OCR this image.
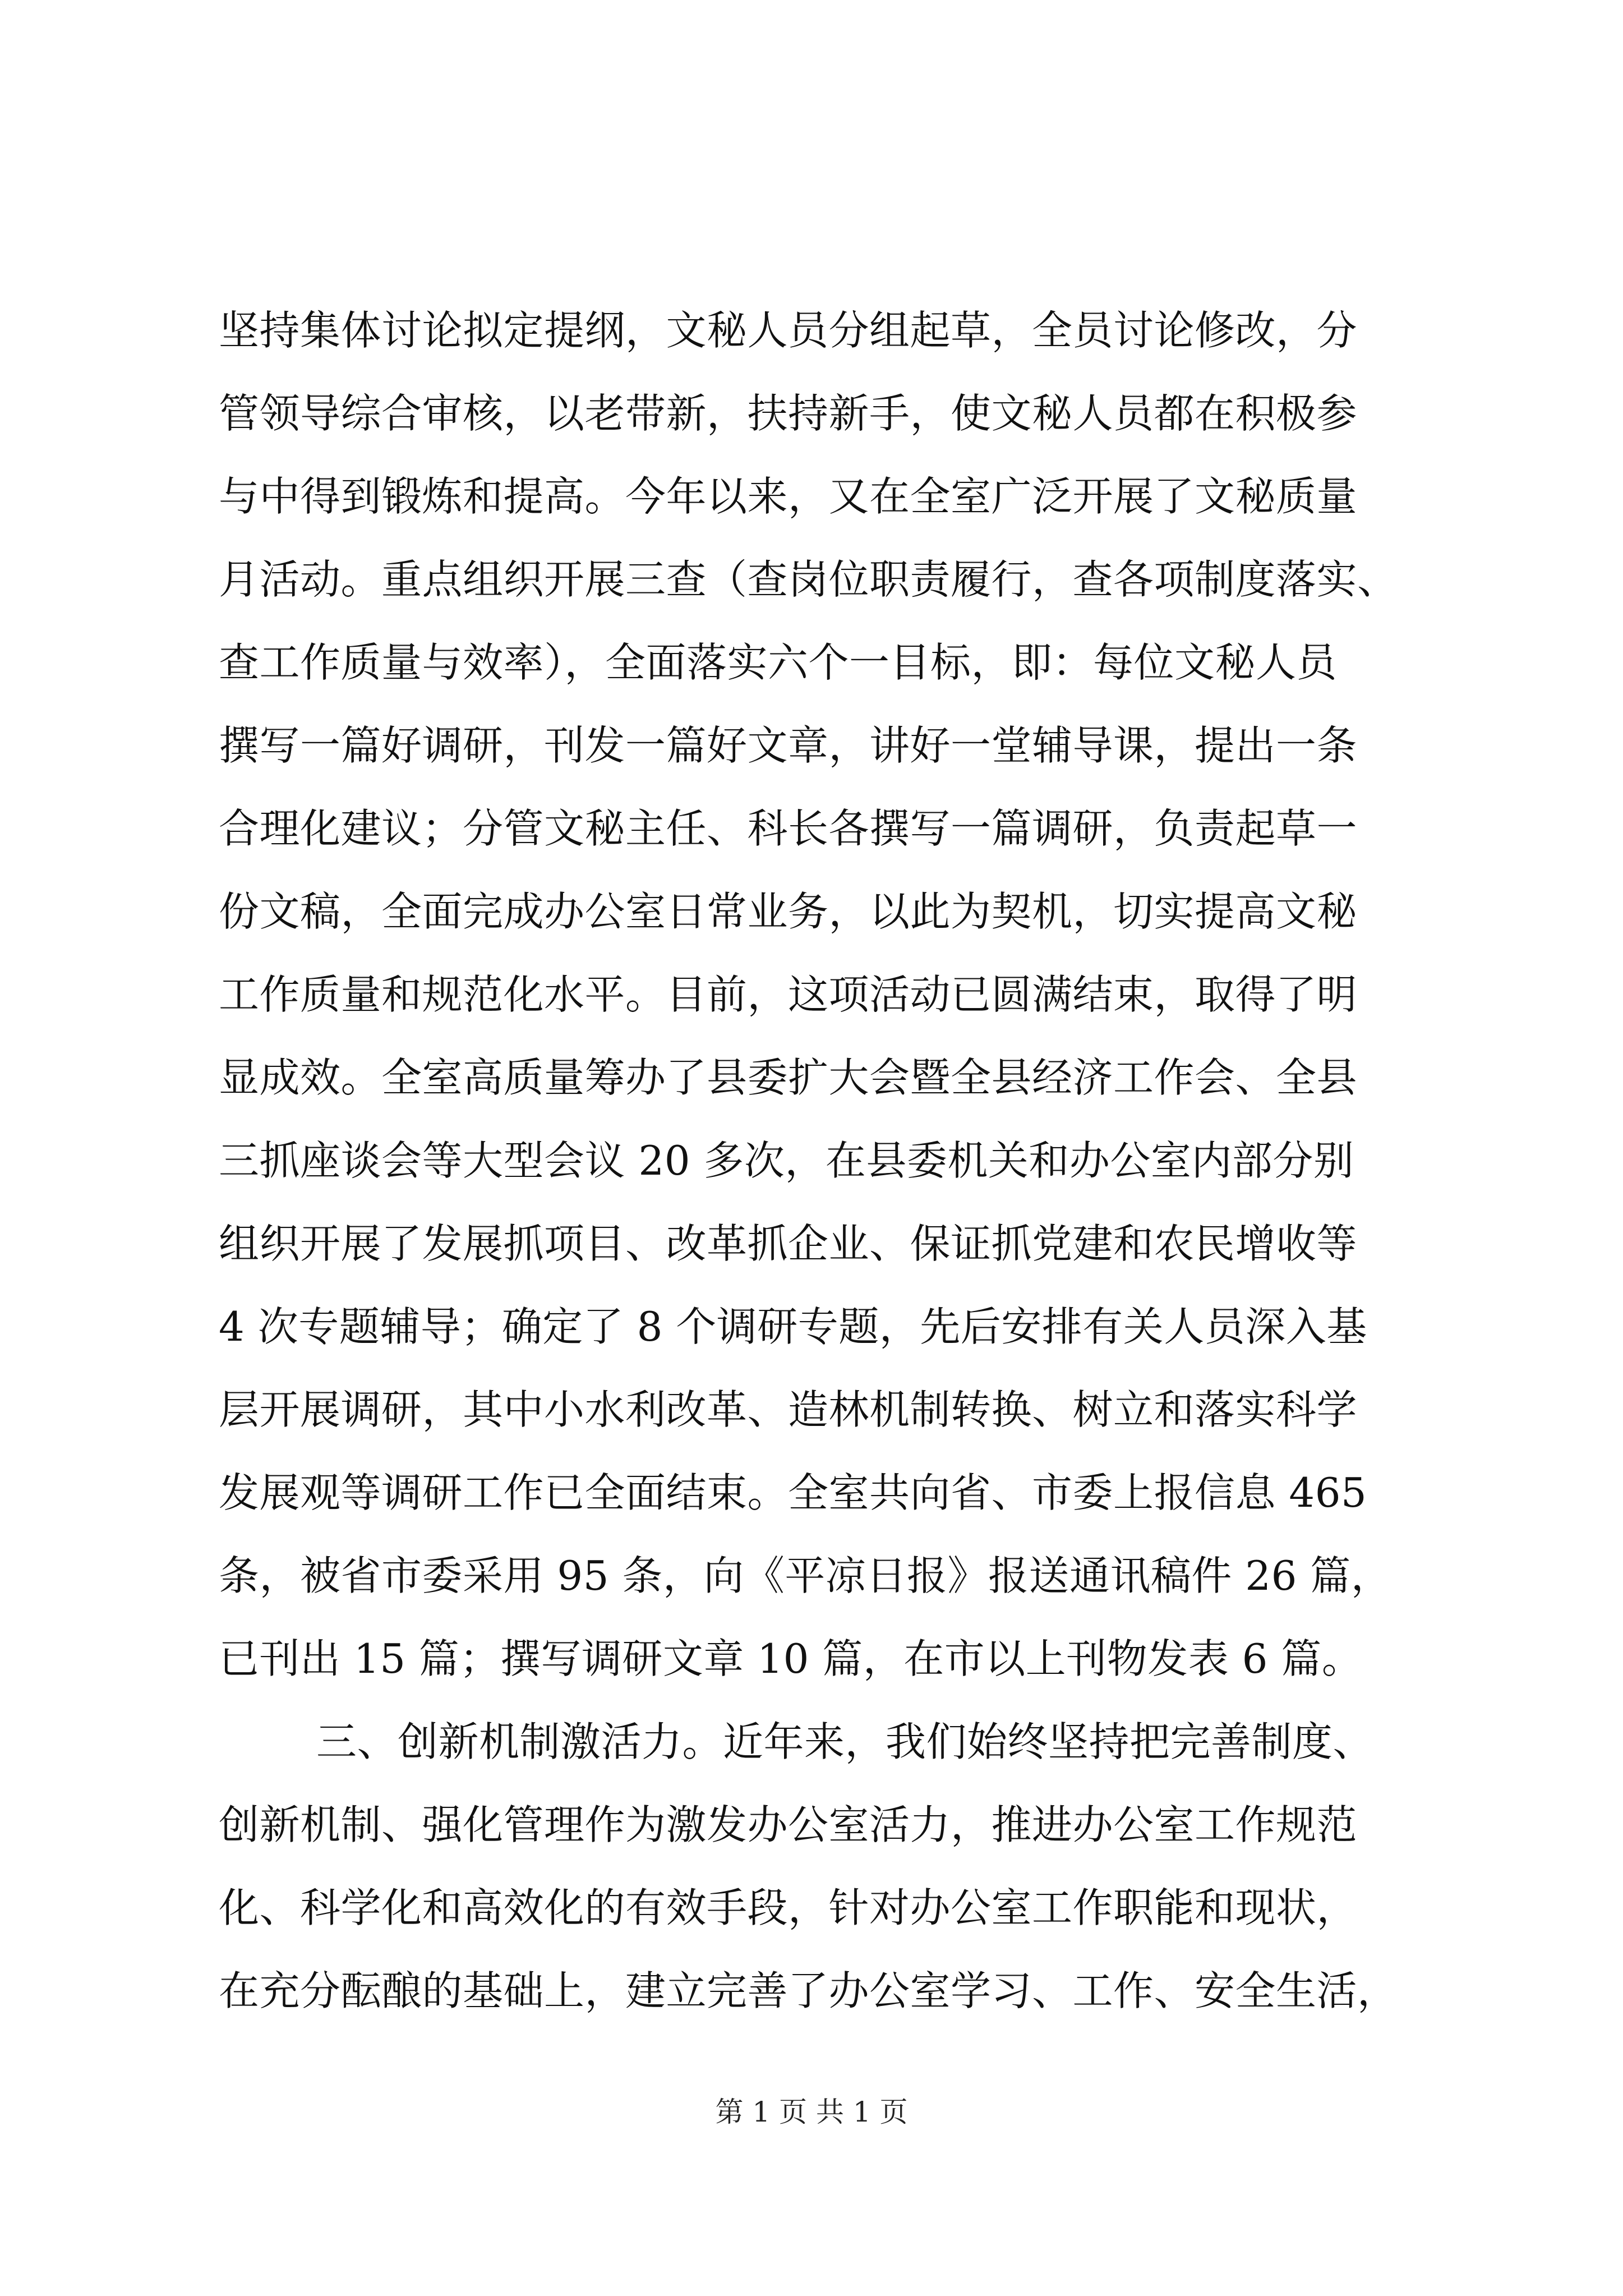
坚持集体讨论拟定提纲，文秘人员分组起草，全员讨论修改，分
管领导综合审核，以老带新，扶持新手，使文秘人员都在积极参
与中得到锻炼和提高。今年以来，又在全室广泛开展了文秘质量
月活动。重点组织开展三查（查岗位职责履行，查各项制度落实、
查工作质量与效率），全面落实六个一目标，即：每位文秘人员
撰写一篇好调研，刊发一篇好文章，讲好一堂辅导课，提出一条
合理化建议；分管文秘主任、科长各撰写一篇调研，负责起草一
份文稿，全面完成办公室日常业务，以此为契机，切实提高文秘
工作质量和规范化水平。目前，这项活动已圆满结束，取得了明
显成效。全室高质量筹办了县委扩大会暨全县经济工作会、全县
三抓座谈会等大型会议 20 多次，在县委机关和办公室内部分别
组织开展了发展抓项目、改革抓企业、保证抓党建和农民增收等
4 次专题辅导；确定了 8 个调研专题，先后安排有关人员深入基
层开展调研，其中小水利改革、造林机制转换、树立和落实科学
发展观等调研工作已全面结束。全室共向省、市委上报信息 465
条，被省市委采用 95 条，向《平凉日报》报送通讯稿件 26 篇，
已刊出 15 篇；撰写调研文章 10 篇，在市以上刊物发表 6 篇。
三、创新机制激活力。近年来，我们始终坚持把完善制度、
创新机制、强化管理作为激发办公室活力，推进办公室工作规范
化、科学化和高效化的有效手段，针对办公室工作职能和现状，
在充分酝酿的基础上，建立完善了办公室学习、工作、安全生活，
第 1 页 共 1 页
